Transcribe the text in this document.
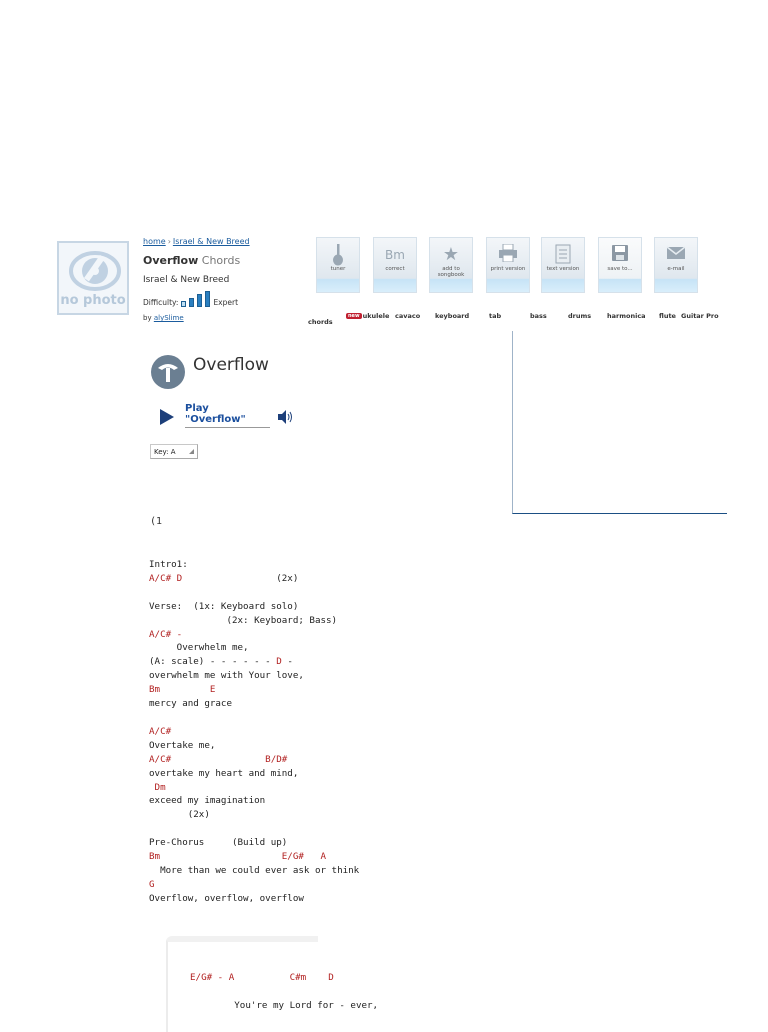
no photo
home › Israel & New Breed
Overflow Chords
Israel & New Breed
Difficulty:	Expert
by alySlime
tuner
Bm
correct
★
add to songbook
print version	text version	save to...	e-mail
chords
new ukulele cavaco keyboard	tab	bass	drums harmonica flute Guitar Pro
Overflow
Play "Overflow"
Key: A
(1
Intro1:
A/C# D                 (2x)

Verse:  (1x: Keyboard solo)
(2x: Keyboard; Bass)
A/C# -
Overwhelm me,
(A: scale) - - - - - - D -
overwhelm me with Your love,
Bm         E
mercy and grace

A/C#
Overtake me,
A/C#                 B/D#
overtake my heart and mind,
Dm
exceed my imagination
(2x)

Pre-Chorus     (Build up)
Bm                      E/G#   A
More than we could ever ask or think
G
Overflow, overflow, overflow

E/G# - A          C#m    D

You're my Lord for - ever,
